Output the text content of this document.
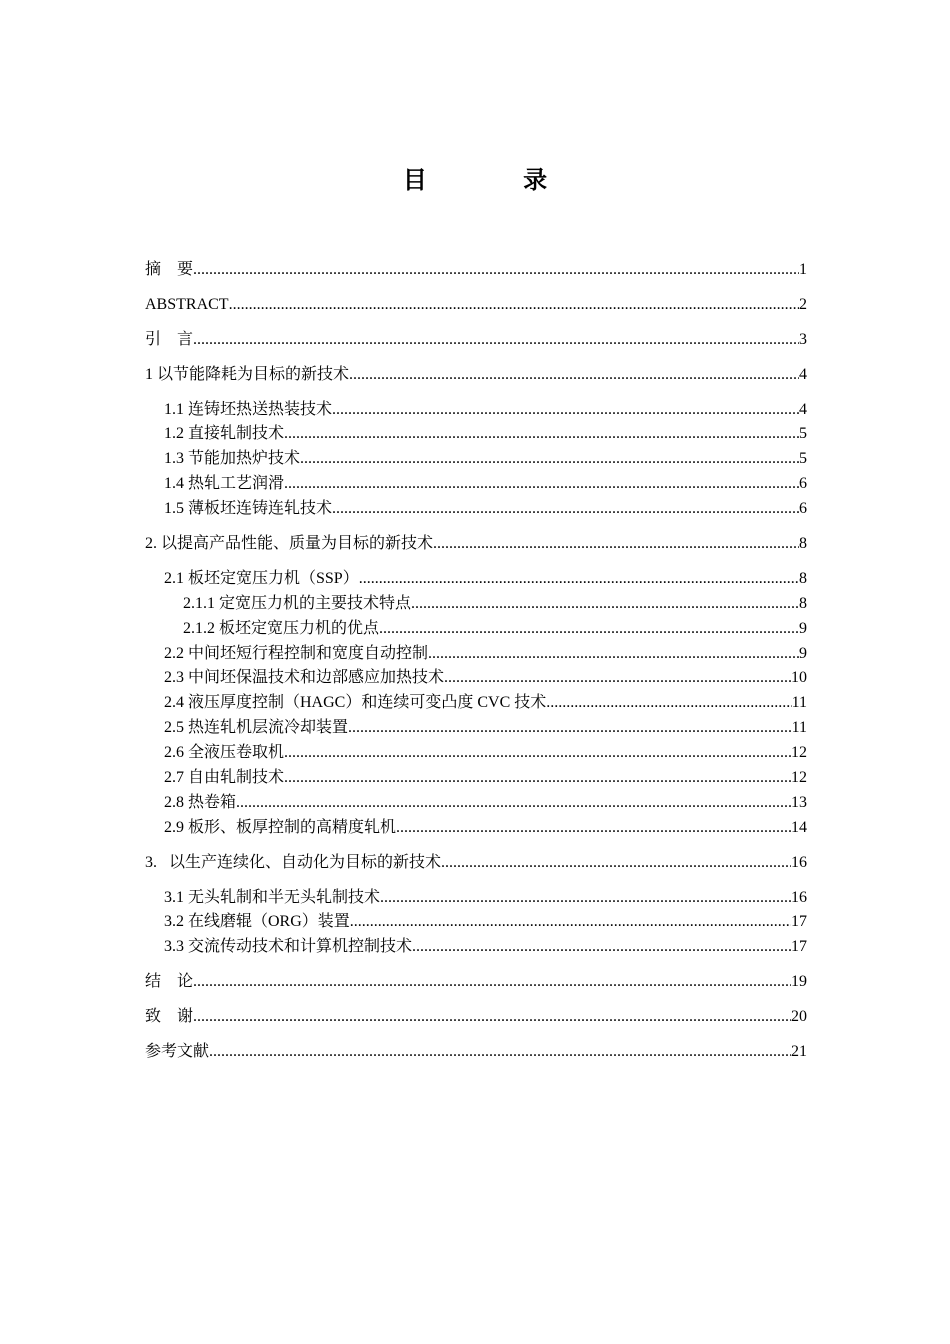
目 录
摘　要 .....	1
ABSTRACT .....	2
引　言 .....	3
1 以节能降耗为目标的新技术 .....	4
1.1 连铸坯热送热装技术 .....	4
1.2 直接轧制技术 .....	5
1.3 节能加热炉技术 .....	5
1.4 热轧工艺润滑 .....	6
1.5 薄板坯连铸连轧技术 .....	6
2. 以提高产品性能、质量为目标的新技术 .....	8
2.1 板坯定宽压力机（SSP） .....	8
2.1.1 定宽压力机的主要技术特点 .....	8
2.1.2 板坯定宽压力机的优点 .....	9
2.2 中间坯短行程控制和宽度自动控制 .....	9
2.3 中间坯保温技术和边部感应加热技术 .....	10
2.4 液压厚度控制（HAGC）和连续可变凸度 CVC 技术 .....	11
2.5 热连轧机层流冷却装置 .....	11
2.6 全液压卷取机 .....	12
2.7 自由轧制技术 .....	12
2.8 热卷箱 .....	13
2.9 板形、板厚控制的高精度轧机 .....	14
3.   以生产连续化、自动化为目标的新技术 .....	16
3.1 无头轧制和半无头轧制技术 .....	16
3.2 在线磨辊（ORG）装置 .....	17
3.3 交流传动技术和计算机控制技术 .....	17
结　论 .....	19
致　谢 .....	20
参考文献 .....	21
